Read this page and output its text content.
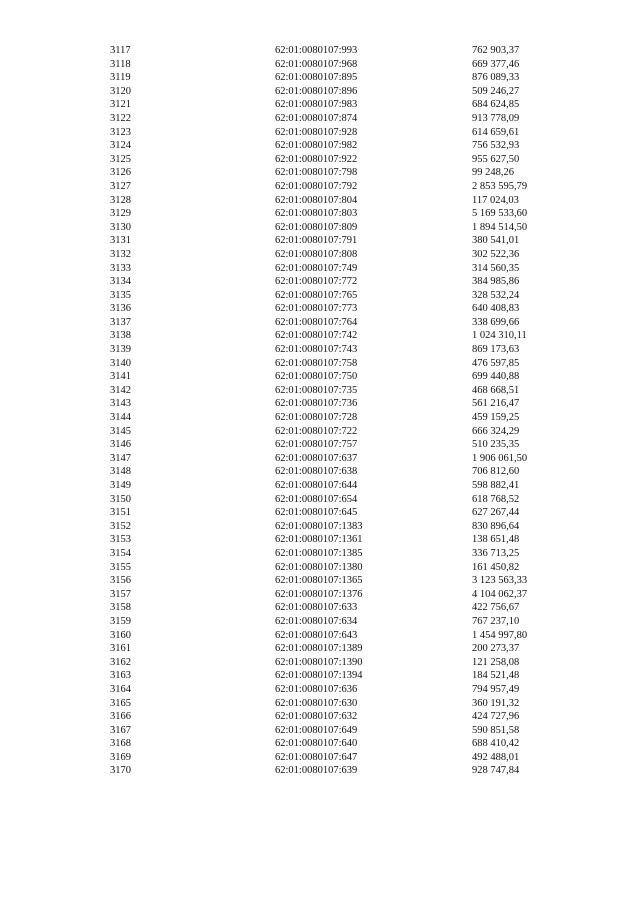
3117	62:01:0080107:993	762 903,37
3118	62:01:0080107:968	669 377,46
3119	62:01:0080107:895	876 089,33
3120	62:01:0080107:896	509 246,27
3121	62:01:0080107:983	684 624,85
3122	62:01:0080107:874	913 778,09
3123	62:01:0080107:928	614 659,61
3124	62:01:0080107:982	756 532,93
3125	62:01:0080107:922	955 627,50
3126	62:01:0080107:798	99 248,26
3127	62:01:0080107:792	2 853 595,79
3128	62:01:0080107:804	117 024,03
3129	62:01:0080107:803	5 169 533,60
3130	62:01:0080107:809	1 894 514,50
3131	62:01:0080107:791	380 541,01
3132	62:01:0080107:808	302 522,36
3133	62:01:0080107:749	314 560,35
3134	62:01:0080107:772	384 985,86
3135	62:01:0080107:765	328 532,24
3136	62:01:0080107:773	640 408,83
3137	62:01:0080107:764	338 699,66
3138	62:01:0080107:742	1 024 310,11
3139	62:01:0080107:743	869 173,63
3140	62:01:0080107:758	476 597,85
3141	62:01:0080107:750	699 440,88
3142	62:01:0080107:735	468 668,51
3143	62:01:0080107:736	561 216,47
3144	62:01:0080107:728	459 159,25
3145	62:01:0080107:722	666 324,29
3146	62:01:0080107:757	510 235,35
3147	62:01:0080107:637	1 906 061,50
3148	62:01:0080107:638	706 812,60
3149	62:01:0080107:644	598 882,41
3150	62:01:0080107:654	618 768,52
3151	62:01:0080107:645	627 267,44
3152	62:01:0080107:1383	830 896,64
3153	62:01:0080107:1361	138 651,48
3154	62:01:0080107:1385	336 713,25
3155	62:01:0080107:1380	161 450,82
3156	62:01:0080107:1365	3 123 563,33
3157	62:01:0080107:1376	4 104 062,37
3158	62:01:0080107:633	422 756,67
3159	62:01:0080107:634	767 237,10
3160	62:01:0080107:643	1 454 997,80
3161	62:01:0080107:1389	200 273,37
3162	62:01:0080107:1390	121 258,08
3163	62:01:0080107:1394	184 521,48
3164	62:01:0080107:636	794 957,49
3165	62:01:0080107:630	360 191,32
3166	62:01:0080107:632	424 727,96
3167	62:01:0080107:649	590 851,58
3168	62:01:0080107:640	688 410,42
3169	62:01:0080107:647	492 488,01
3170	62:01:0080107:639	928 747,84
